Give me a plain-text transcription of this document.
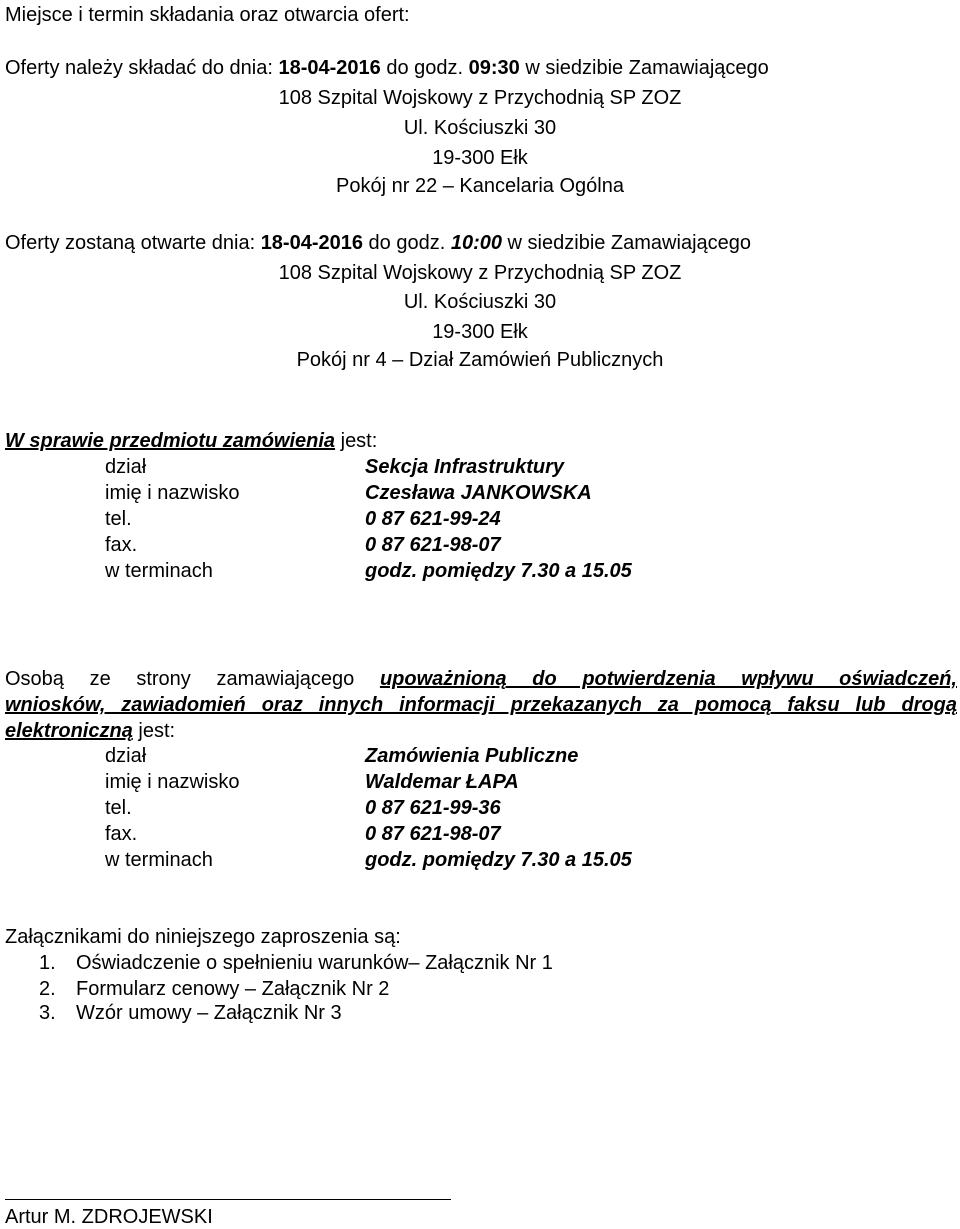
Miejsce i termin składania oraz otwarcia ofert:
Oferty należy składać do dnia: 18-04-2016 do godz. 09:30 w siedzibie Zamawiającego
108 Szpital Wojskowy z Przychodnią SP ZOZ
Ul. Kościuszki 30
19-300 Ełk
Pokój nr 22 – Kancelaria Ogólna
Oferty zostaną otwarte dnia: 18-04-2016 do godz. 10:00 w siedzibie Zamawiającego
108 Szpital Wojskowy z Przychodnią SP ZOZ
Ul. Kościuszki 30
19-300 Ełk
Pokój nr 4 – Dział Zamówień Publicznych
W sprawie przedmiotu zamówienia jest:
dział	Sekcja Infrastruktury
imię i nazwisko	Czesława JANKOWSKA
tel.	0 87 621-99-24
fax.	0 87 621-98-07
w terminach	godz. pomiędzy 7.30 a 15.05
Osobą ze strony zamawiającego upoważnioną do potwierdzenia wpływu oświadczeń,
wniosków, zawiadomień oraz innych informacji przekazanych za pomocą faksu lub drogą
elektroniczną jest:
dział	Zamówienia Publiczne
imię i nazwisko	Waldemar ŁAPA
tel.	0 87 621-99-36
fax.	0 87 621-98-07
w terminach	godz. pomiędzy 7.30 a 15.05
Załącznikami do niniejszego zaproszenia są:
1. Oświadczenie o spełnieniu warunków– Załącznik Nr 1
2. Formularz cenowy – Załącznik Nr 2
3. Wzór umowy – Załącznik Nr 3
Artur M. ZDROJEWSKI
